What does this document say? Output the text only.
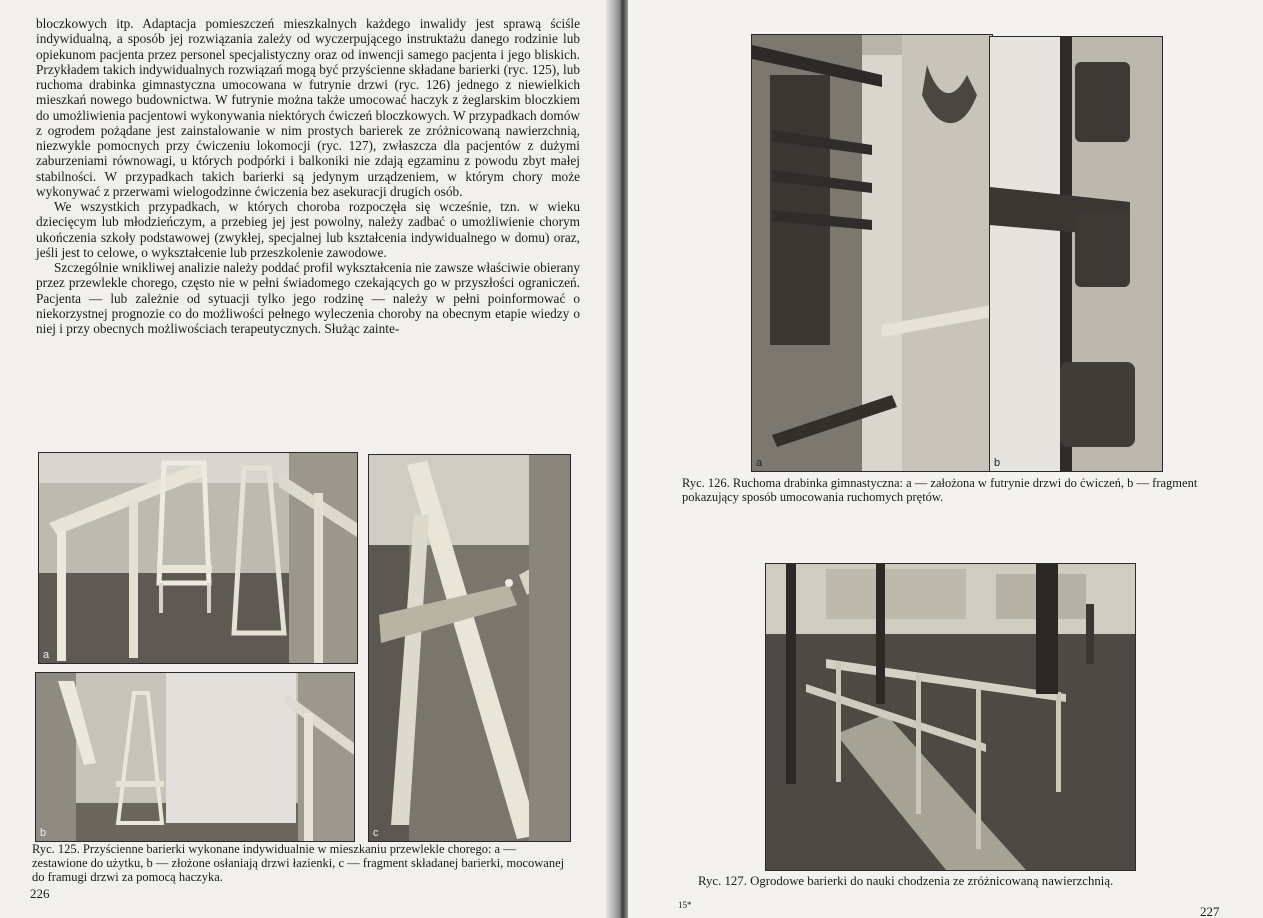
bloczkowych itp. Adaptacja pomieszczeń mieszkalnych każdego inwalidy jest sprawą ściśle indywidualną, a sposób jej rozwiązania zależy od wyczerpującego instruktażu danego rodzinie lub opiekunom pacjenta przez personel specjalistyczny oraz od inwencji samego pacjenta i jego bliskich. Przykładem takich indywidualnych rozwiązań mogą być przyścienne składane barierki (ryc. 125), lub ruchoma drabinka gimnastyczna umocowana w futrynie drzwi (ryc. 126) jednego z niewielkich mieszkań nowego budownictwa. W futrynie można także umocować haczyk z żeglarskim bloczkiem do umożliwienia pacjentowi wykonywania niektórych ćwiczeń bloczkowych. W przypadkach domów z ogrodem pożądane jest zainstalowanie w nim prostych barierek ze zróżnicowaną nawierzchnią, niezwykle pomocnych przy ćwiczeniu lokomocji (ryc. 127), zwłaszcza dla pacjentów z dużymi zaburzeniami równowagi, u których podpórki i balkoniki nie zdają egzaminu z powodu zbyt małej stabilności. W przypadkach takich barierki są jedynym urządzeniem, w którym chory może wykonywać z przerwami wielogodzinne ćwiczenia bez asekuracji drugich osób.

We wszystkich przypadkach, w których choroba rozpoczęła się wcześnie, tzn. w wieku dziecięcym lub młodzieńczym, a przebieg jej jest powolny, należy zadbać o umożliwienie chorym ukończenia szkoły podstawowej (zwykłej, specjalnej lub kształcenia indywidualnego w domu) oraz, jeśli jest to celowe, o wykształcenie lub przeszkolenie zawodowe.

Szczególnie wnikliwej analizie należy poddać profil wykształcenia nie zawsze właściwie obierany przez przewlekle chorego, często nie w pełni świadomego czekających go w przyszłości ograniczeń. Pacjenta — lub zależnie od sytuacji tylko jego rodzinę — należy w pełni poinformować o niekorzystnej prognozie co do możliwości pełnego wyleczenia choroby na obecnym etapie wiedzy o niej i przy obecnych możliwościach terapeutycznych. Służąc zainte-

a
b	c

Ryc. 125. Przyścienne barierki wykonane indywidualnie w mieszkaniu przewlekle chorego: a — zestawione do użytku, b — złożone osłaniają drzwi łazienki, c — fragment składanej barierki, mocowanej do framugi drzwi za pomocą haczyka.

226
a	b

Ryc. 126. Ruchoma drabinka gimnastyczna: a — założona w futrynie drzwi do ćwiczeń, b — fragment pokazujący sposób umocowania ruchomych prętów.

Ryc. 127. Ogrodowe barierki do nauki chodzenia ze zróżnicowaną nawierzchnią.

15*	227
